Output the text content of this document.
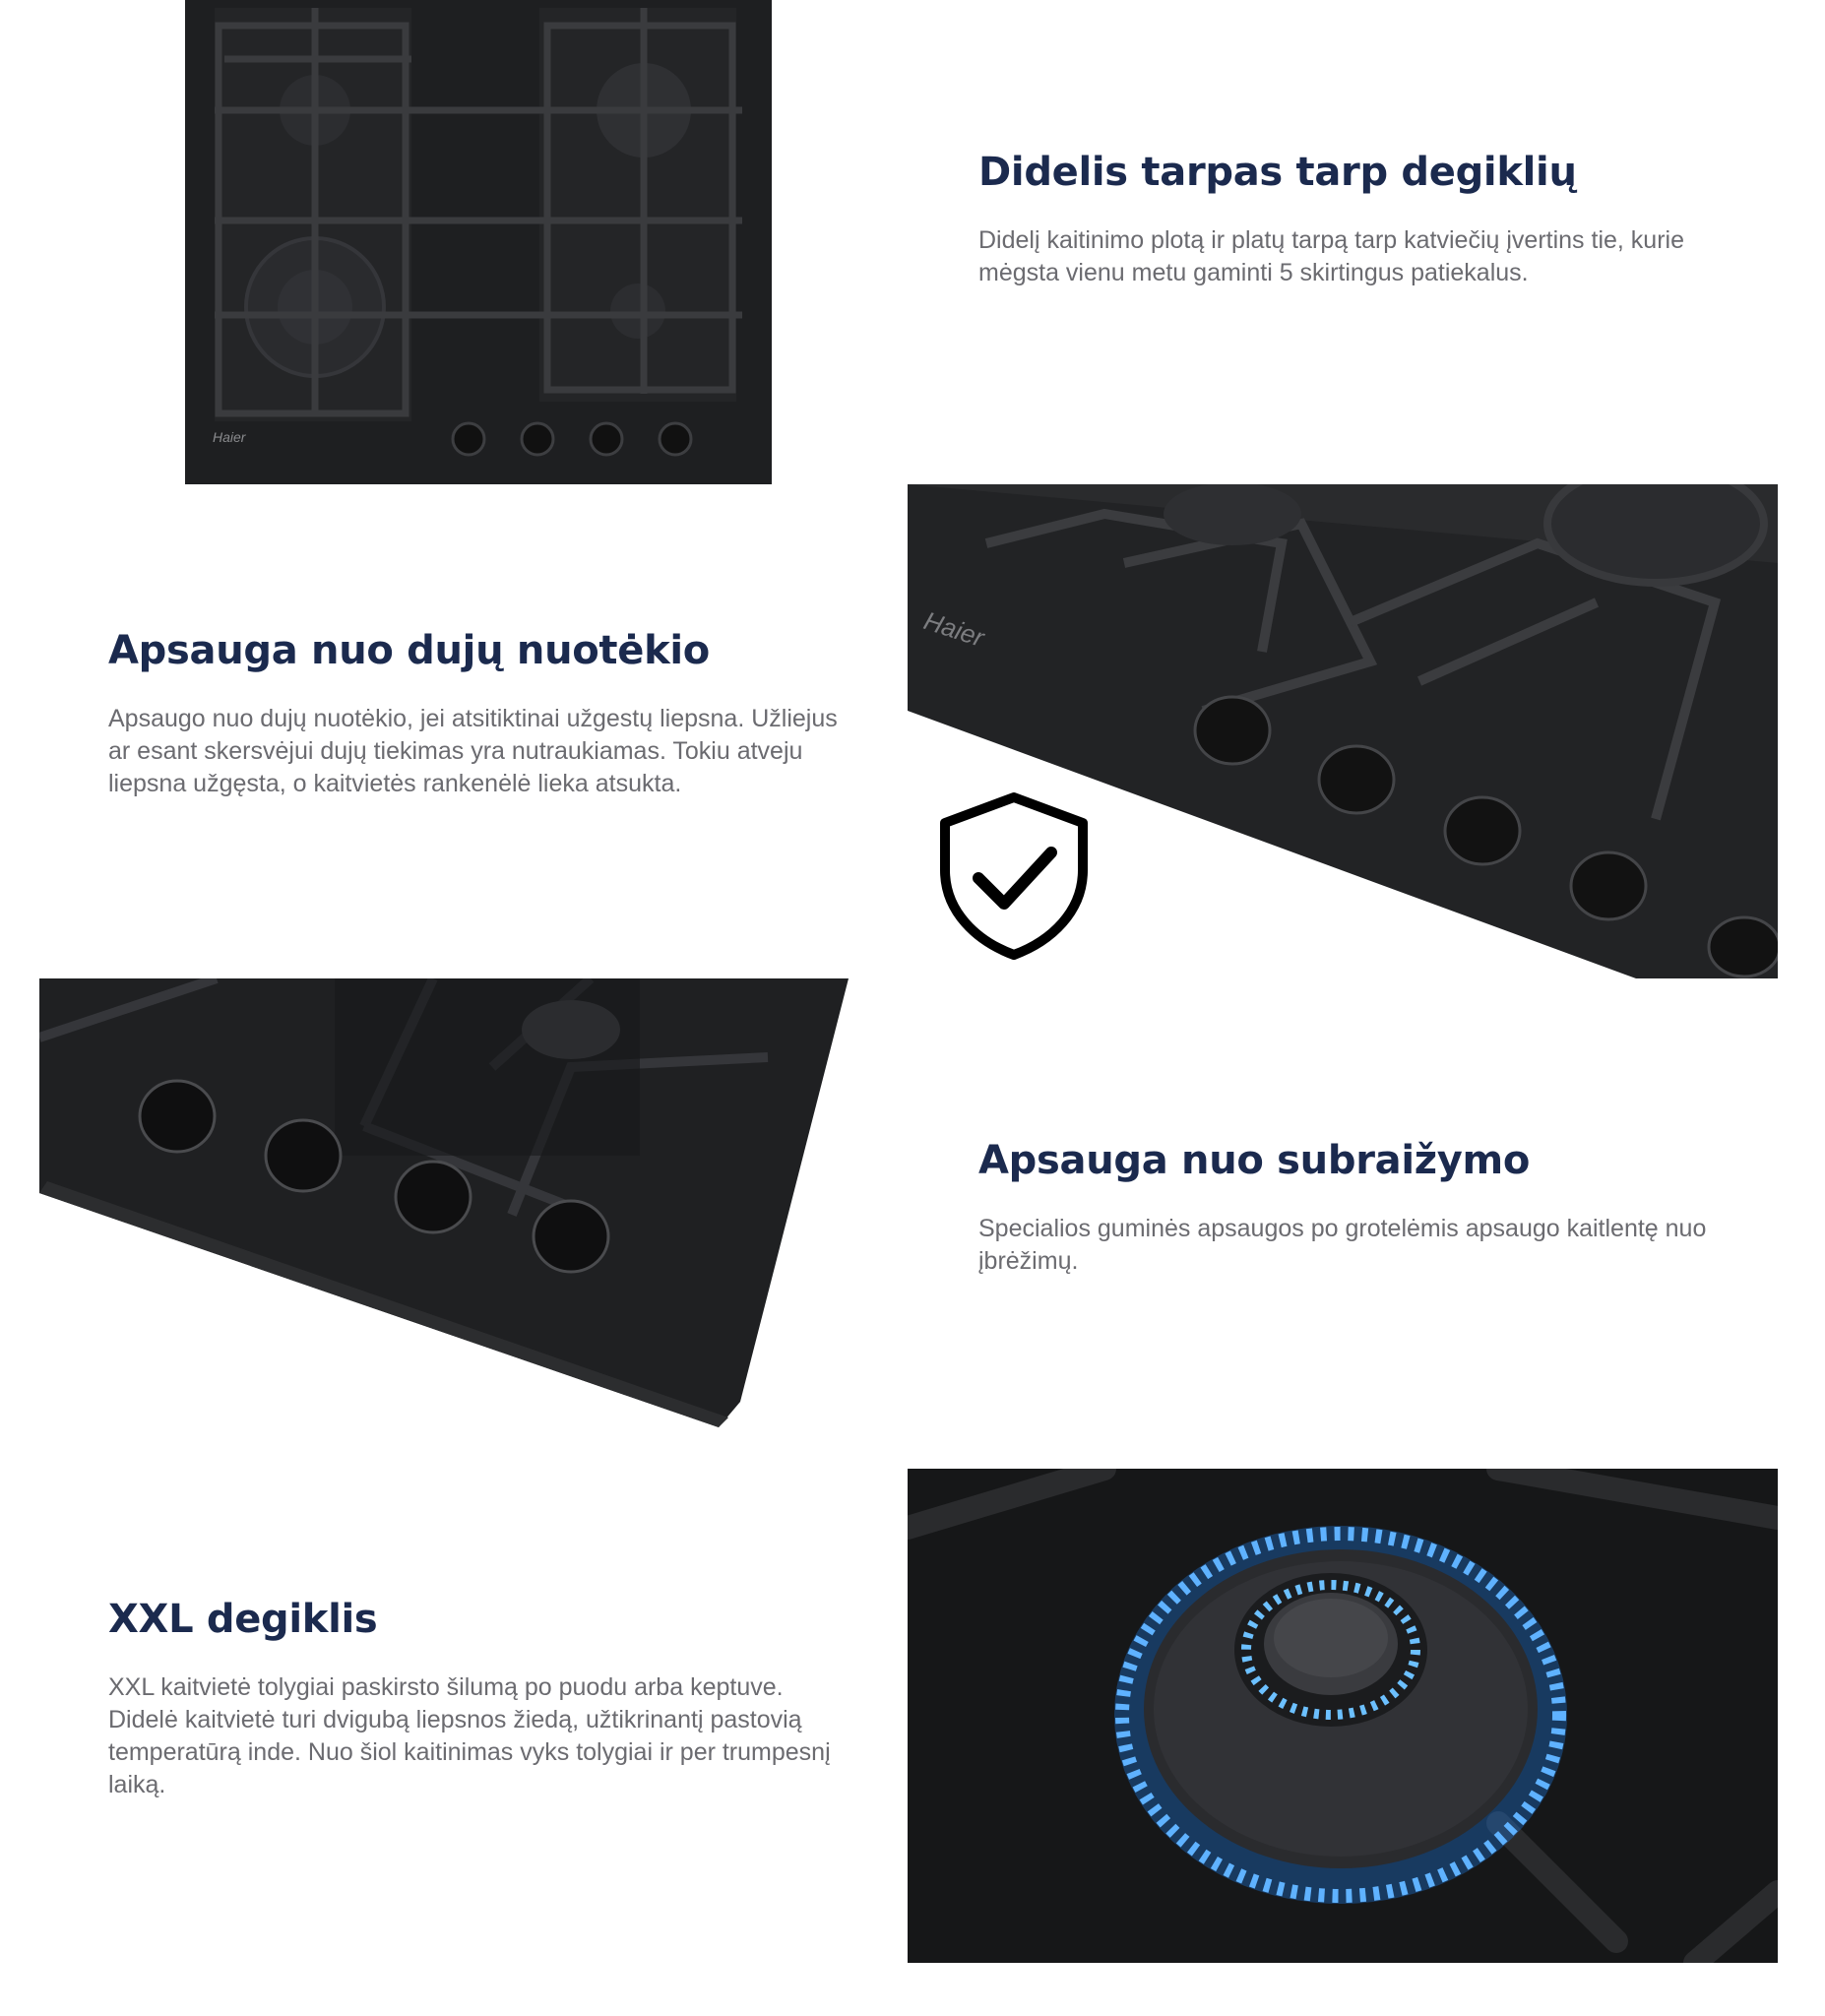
Haier
Didelis tarpas tarp degiklių

Didelį kaitinimo plotą ir platų tarpą tarp katviečių įvertins tie, kurie mėgsta vienu metu gaminti 5 skirtingus patiekalus.

Haier
Apsauga nuo dujų nuotėkio

Apsaugo nuo dujų nuotėkio, jei atsitiktinai užgestų liepsna. Užliejus ar esant skersvėjui dujų tiekimas yra nutraukiamas. Tokiu atveju liepsna užgęsta, o kaitvietės rankenėlė lieka atsukta.

Apsauga nuo subraižymo

Specialios guminės apsaugos po grotelėmis apsaugo kaitlentę nuo įbrėžimų.

XXL degiklis

XXL kaitvietė tolygiai paskirsto šilumą po puodu arba keptuve. Didelė kaitvietė turi dvigubą liepsnos žiedą, užtikrinantį pastovią temperatūrą inde. Nuo šiol kaitinimas vyks tolygiai ir per trumpesnį laiką.
